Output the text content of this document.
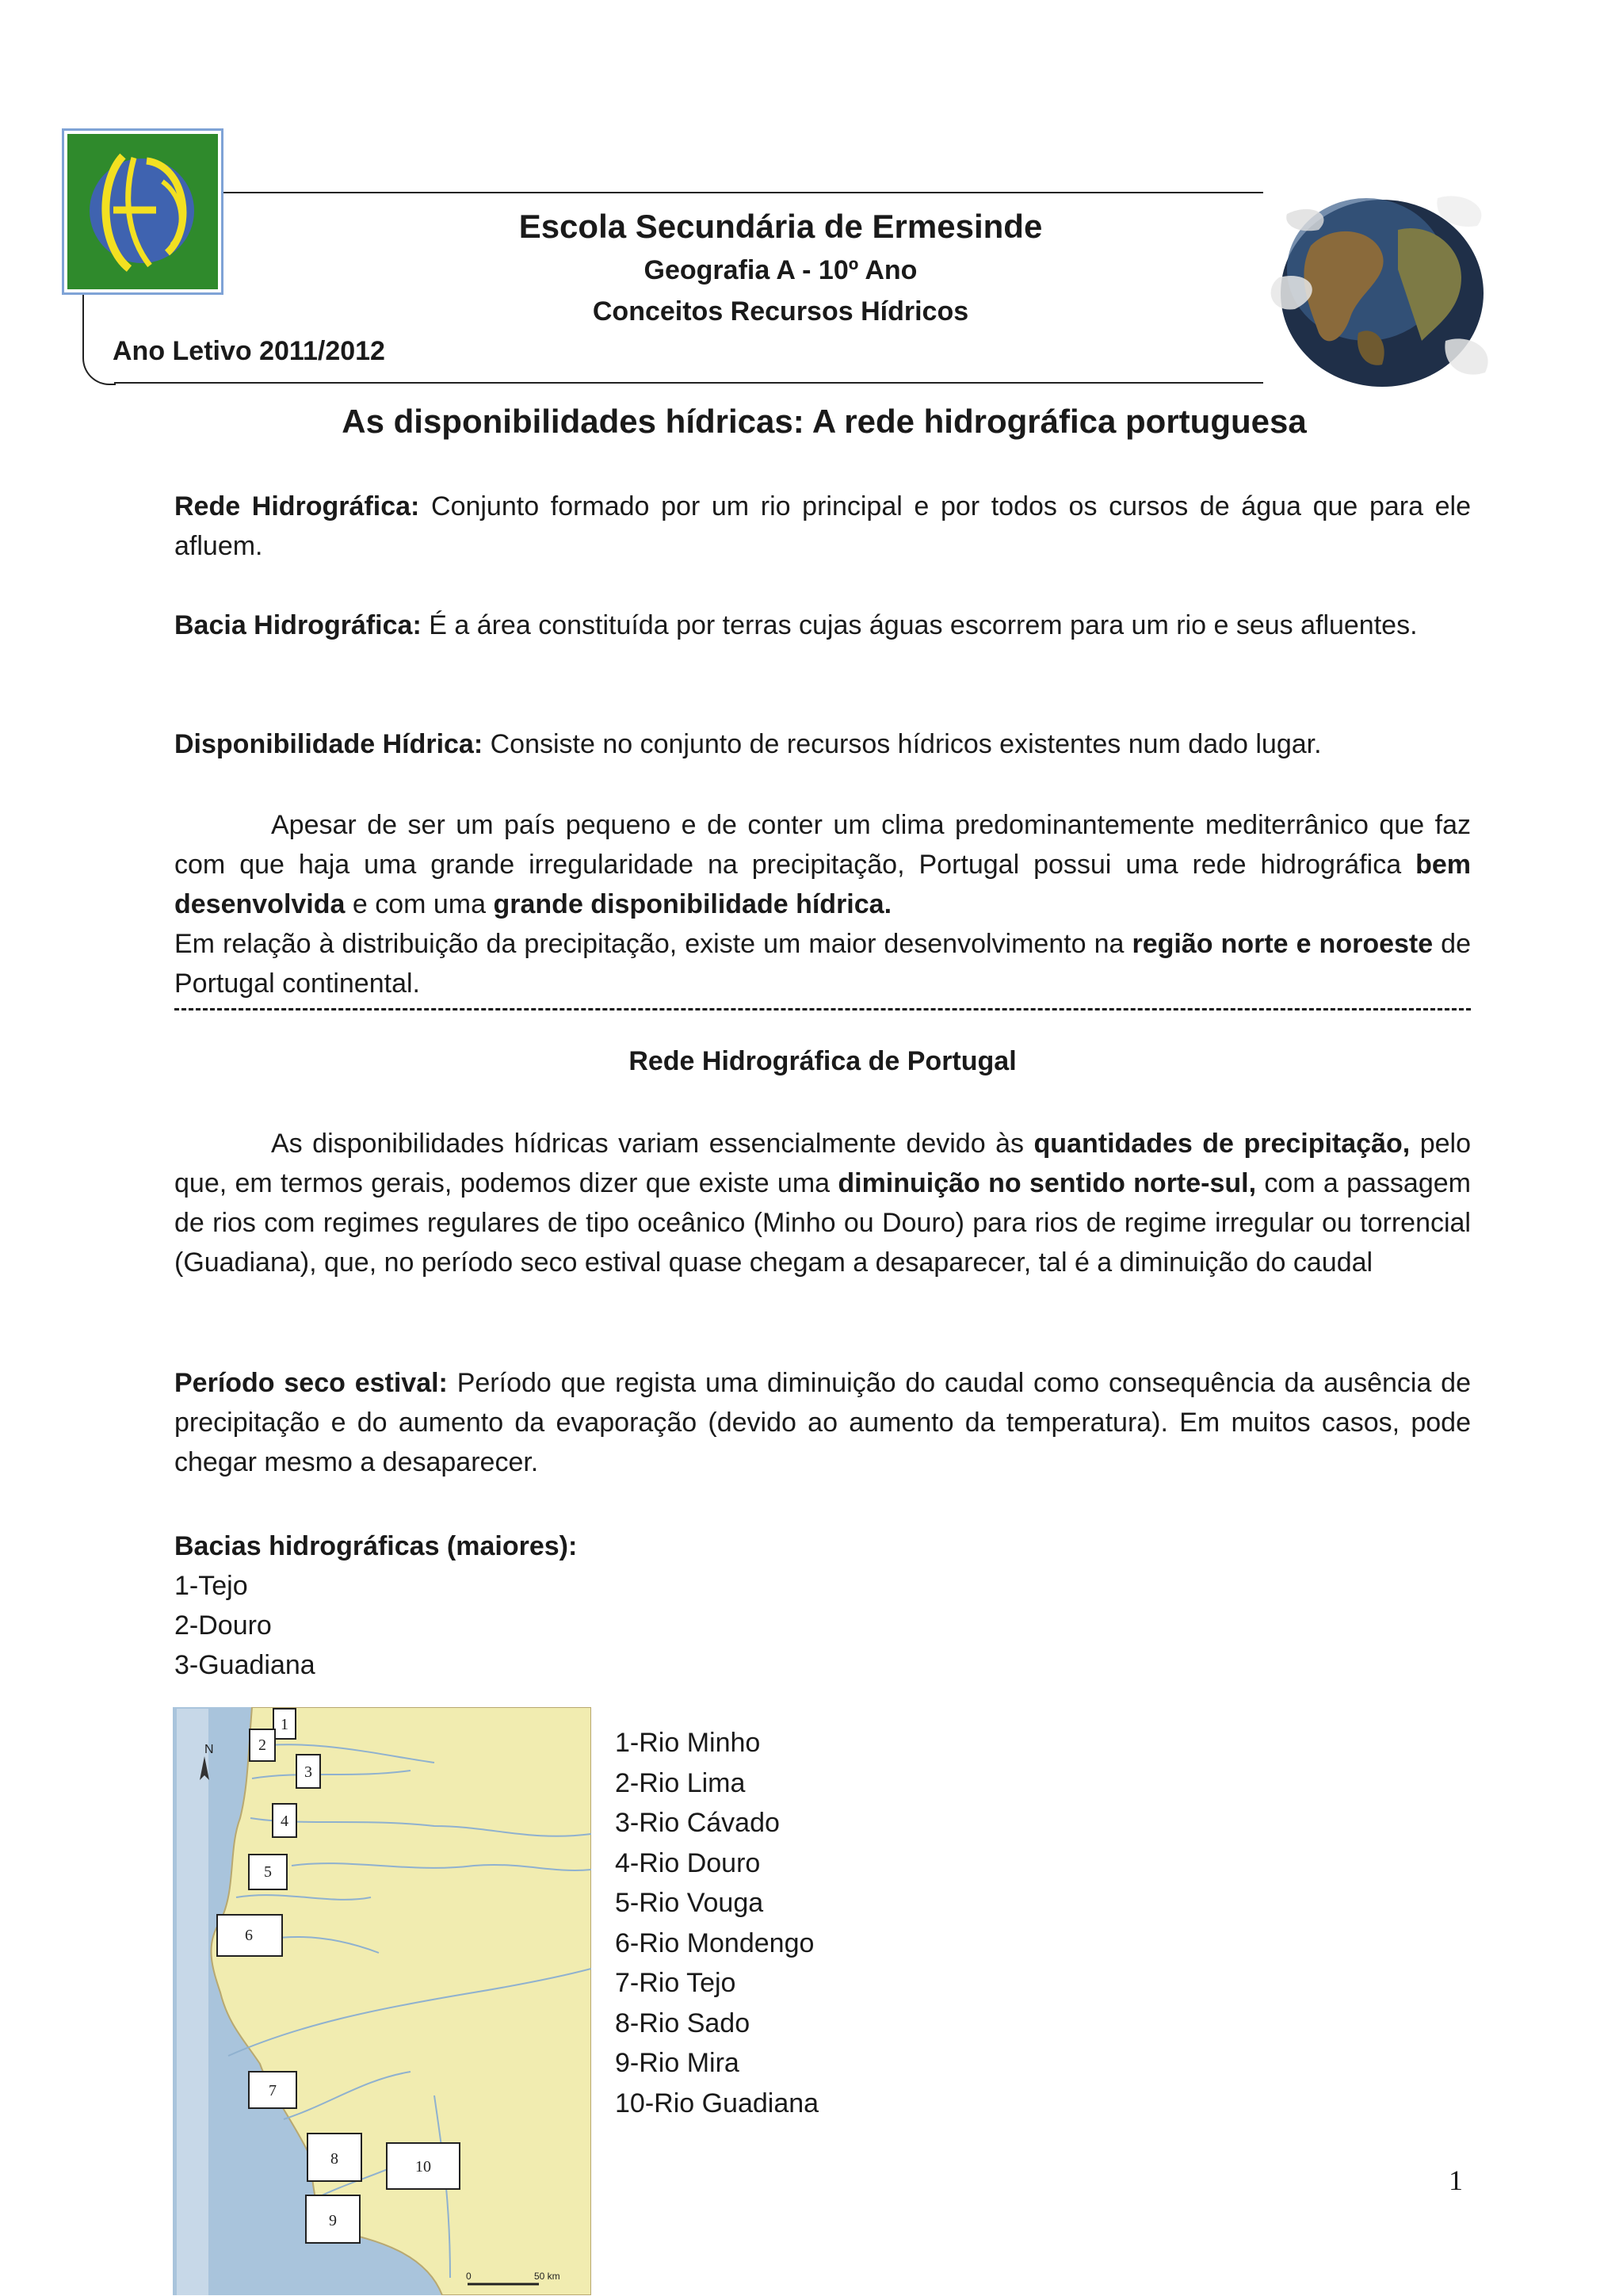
Escola Secundária de Ermesinde
Geografia A - 10º Ano
Conceitos Recursos Hídricos
Ano Letivo 2011/2012
As disponibilidades hídricas: A rede hidrográfica portuguesa
Rede Hidrográfica: Conjunto formado por um rio principal e por todos os cursos de água que para ele afluem.
Bacia Hidrográfica: É a área constituída por terras cujas águas escorrem para um rio e seus afluentes.
Disponibilidade Hídrica: Consiste no conjunto de recursos hídricos existentes num dado lugar.
Apesar de ser um país pequeno e de conter um clima predominantemente mediterrânico que faz com que haja uma grande irregularidade na precipitação, Portugal possui uma rede hidrográfica bem desenvolvida e com uma grande disponibilidade hídrica.
Em relação à distribuição da precipitação, existe um maior desenvolvimento na região norte e noroeste de Portugal continental.
Rede Hidrográfica de Portugal
As disponibilidades hídricas variam essencialmente devido às quantidades de precipitação, pelo que, em termos gerais, podemos dizer que existe uma diminuição no sentido norte-sul, com a passagem de rios com regimes regulares de tipo oceânico (Minho ou Douro) para rios de regime irregular ou torrencial (Guadiana), que, no período seco estival quase chegam a desaparecer, tal é a diminuição do caudal
Período seco estival: Período que regista uma diminuição do caudal como consequência da ausência de precipitação e do aumento da evaporação (devido ao aumento da temperatura). Em muitos casos, pode chegar mesmo a desaparecer.
Bacias hidrográficas (maiores):
1-Tejo
2-Douro
3-Guadiana
N
1
2
3
4
5
6
7
8
9
10
0	50 km
1-Rio Minho
2-Rio Lima
3-Rio Cávado
4-Rio Douro
5-Rio Vouga
6-Rio Mondengo
7-Rio Tejo
8-Rio Sado
9-Rio Mira
10-Rio Guadiana
1
